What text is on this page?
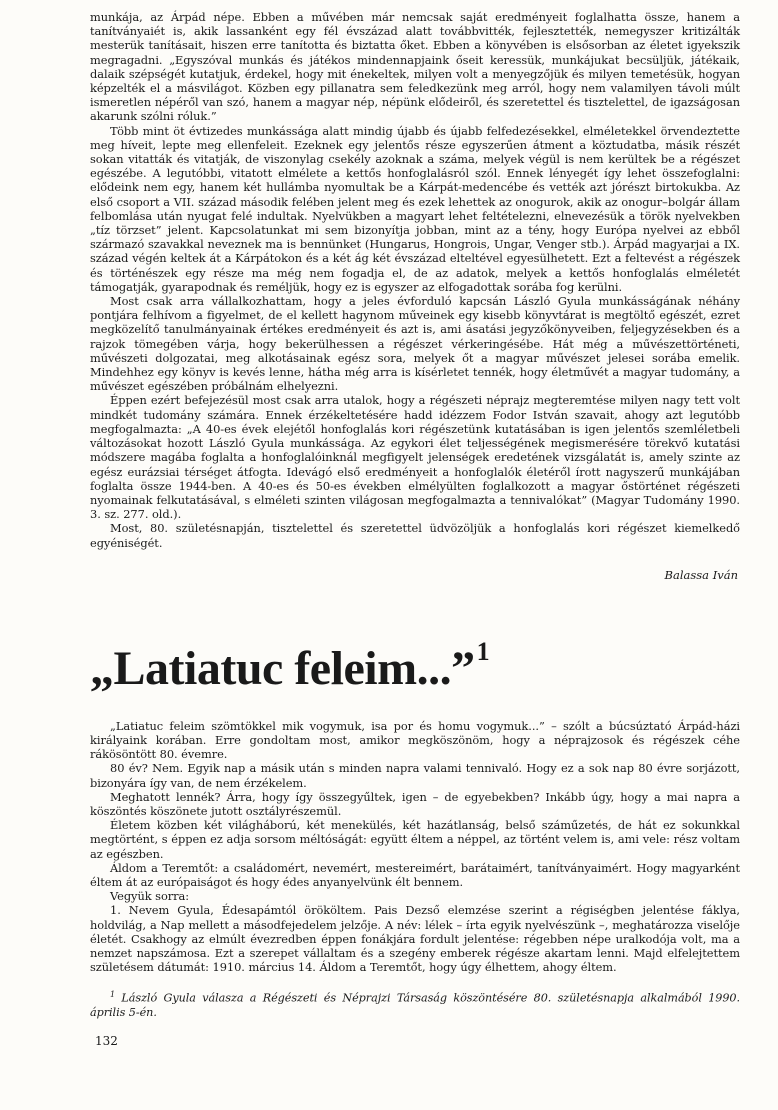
munkája, az Árpád népe. Ebben a művében már nemcsak saját eredményeit foglalhatta össze, hanem a tanítványaiét is, akik lassanként egy fél évszázad alatt továbbvitték, fejlesztették, nemegyszer kritizálták mesterük tanításait, hiszen erre tanította és biztatta őket. Ebben a könyvében is elsősorban az életet igyekszik megragadni. „Egyszóval munkás és játékos mindennapjaink őseit keressük, munkájukat becsüljük, játékaik, dalaik szépségét kutatjuk, érdekel, hogy mit énekeltek, milyen volt a menyegzőjük és milyen temetésük, hogyan képzelték el a másvilágot. Közben egy pillanatra sem feledkezünk meg arról, hogy nem valamilyen távoli múlt ismeretlen népéről van szó, hanem a magyar nép, népünk elődeiről, és szeretettel és tisztelettel, de igazságosan akarunk szólni róluk.”

Több mint öt évtizedes munkássága alatt mindig újabb és újabb felfedezésekkel, elméletekkel örvendeztette meg híveit, lepte meg ellenfeleit. Ezeknek egy jelentős része egyszerűen átment a köztudatba, másik részét sokan vitatták és vitatják, de viszonylag csekély azoknak a száma, melyek végül is nem kerültek be a régészet egészébe. A legutóbbi, vitatott elmélete a kettős honfoglalásról szól. Ennek lényegét így lehet összefoglalni: elődeink nem egy, hanem két hullámba nyomultak be a Kárpát-medencébe és vették azt jórészt birtokukba. Az első csoport a VII. század második felében jelent meg és ezek lehettek az onogurok, akik az onogur–bolgár állam felbomlása után nyugat felé indultak. Nyelvükben a magyart lehet feltételezni, elnevezésük a török nyelvekben „tíz törzset” jelent. Kapcsolatunkat mi sem bizonyítja jobban, mint az a tény, hogy Európa nyelvei az ebből származó szavakkal neveznek ma is bennünket (Hungarus, Hongrois, Ungar, Venger stb.). Árpád magyarjai a IX. század végén keltek át a Kárpátokon és a két ág két évszázad elteltével egyesülhetett. Ezt a feltevést a régészek és történészek egy része ma még nem fogadja el, de az adatok, melyek a kettős honfoglalás elméletét támogatják, gyarapodnak és reméljük, hogy ez is egyszer az elfogadottak sorába fog kerülni.

Most csak arra vállalkozhattam, hogy a jeles évforduló kapcsán László Gyula munkásságának néhány pontjára felhívom a figyelmet, de el kellett hagynom műveinek egy kisebb könyvtárat is megtöltő egészét, ezret megközelítő tanulmányainak értékes eredményeit és azt is, ami ásatási jegyzőkönyveiben, feljegyzésekben és a rajzok tömegében várja, hogy bekerülhessen a régészet vérkeringésébe. Hát még a művészettörténeti, művészeti dolgozatai, meg alkotásainak egész sora, melyek őt a magyar művészet jelesei sorába emelik. Mindehhez egy könyv is kevés lenne, hátha még arra is kísérletet tennék, hogy életművét a magyar tudomány, a művészet egészében próbálnám elhelyezni.

Éppen ezért befejezésül most csak arra utalok, hogy a régészeti néprajz megteremtése milyen nagy tett volt mindkét tudomány számára. Ennek érzékeltetésére hadd idézzem Fodor István szavait, ahogy azt legutóbb megfogalmazta: „A 40-es évek elejétől honfoglalás kori régészetünk kutatásában is igen jelentős szemléletbeli változásokat hozott László Gyula munkássága. Az egykori élet teljességének megismerésére törekvő kutatási módszere magába foglalta a honfoglalóinknál megfigyelt jelenségek eredetének vizsgálatát is, amely szinte az egész eurázsiai térséget átfogta. Idevágó első eredményeit a honfoglalók életéről írott nagyszerű munkájában foglalta össze 1944-ben. A 40-es és 50-es években elmélyülten foglalkozott a magyar őstörténet régészeti nyomainak felkutatásával, s elméleti szinten világosan megfogalmazta a tennivalókat” (Magyar Tudomány 1990. 3. sz. 277. old.).

Most, 80. születésnapján, tisztelettel és szeretettel üdvözöljük a honfoglalás kori régészet kiemelkedő egyéniségét.

Balassa Iván
„Latiatuc feleim...”$^1$

„Latiatuc feleim szömtökkel mik vogymuk, isa por és homu vogymuk...” – szólt a búcsúztató Árpád-házi királyaink korában. Erre gondoltam most, amikor megköszönöm, hogy a néprajzosok és régészek céhe rákösöntött 80. évemre.

80 év? Nem. Egyik nap a másik után s minden napra valami tennivaló. Hogy ez a sok nap 80 évre sorjázott, bizonyára így van, de nem érzékelem.

Meghatott lennék? Árra, hogy így összegyűltek, igen – de egyebekben? Inkább úgy, hogy a mai napra a köszöntés köszönete jutott osztályrészemül.

Életem közben két világháború, két menekülés, két hazátlanság, belső száműzetés, de hát ez sokunkkal megtörtént, s éppen ez adja sorsom méltóságát: együtt éltem a néppel, az történt velem is, ami vele: rész voltam az egészben.

Áldom a Teremtőt: a családomért, nevemért, mestereimért, barátaimért, tanítványaimért. Hogy magyarként éltem át az európaiságot és hogy édes anyanyelvünk élt bennem.

Vegyük sorra:

1. Nevem Gyula, Édesapámtól örököltem. Pais Dezső elemzése szerint a régiségben jelentése fáklya, holdvilág, a Nap mellett a másodfejedelem jelzője. A név: lélek – írta egyik nyelvészünk –, meghatározza viselője életét. Csakhogy az elmúlt évezredben éppen fonákjára fordult jelentése: régebben népe uralkodója volt, ma a nemzet napszámosa. Ezt a szerepet vállaltam és a szegény emberek régésze akartam lenni. Majd elfelejtettem születésem dátumát: 1910. március 14. Áldom a Teremtőt, hogy úgy élhettem, ahogy éltem.

$^1$ László Gyula válasza a Régészeti és Néprajzi Társaság köszöntésére 80. születésnapja alkalmából 1990. április 5-én.

132
